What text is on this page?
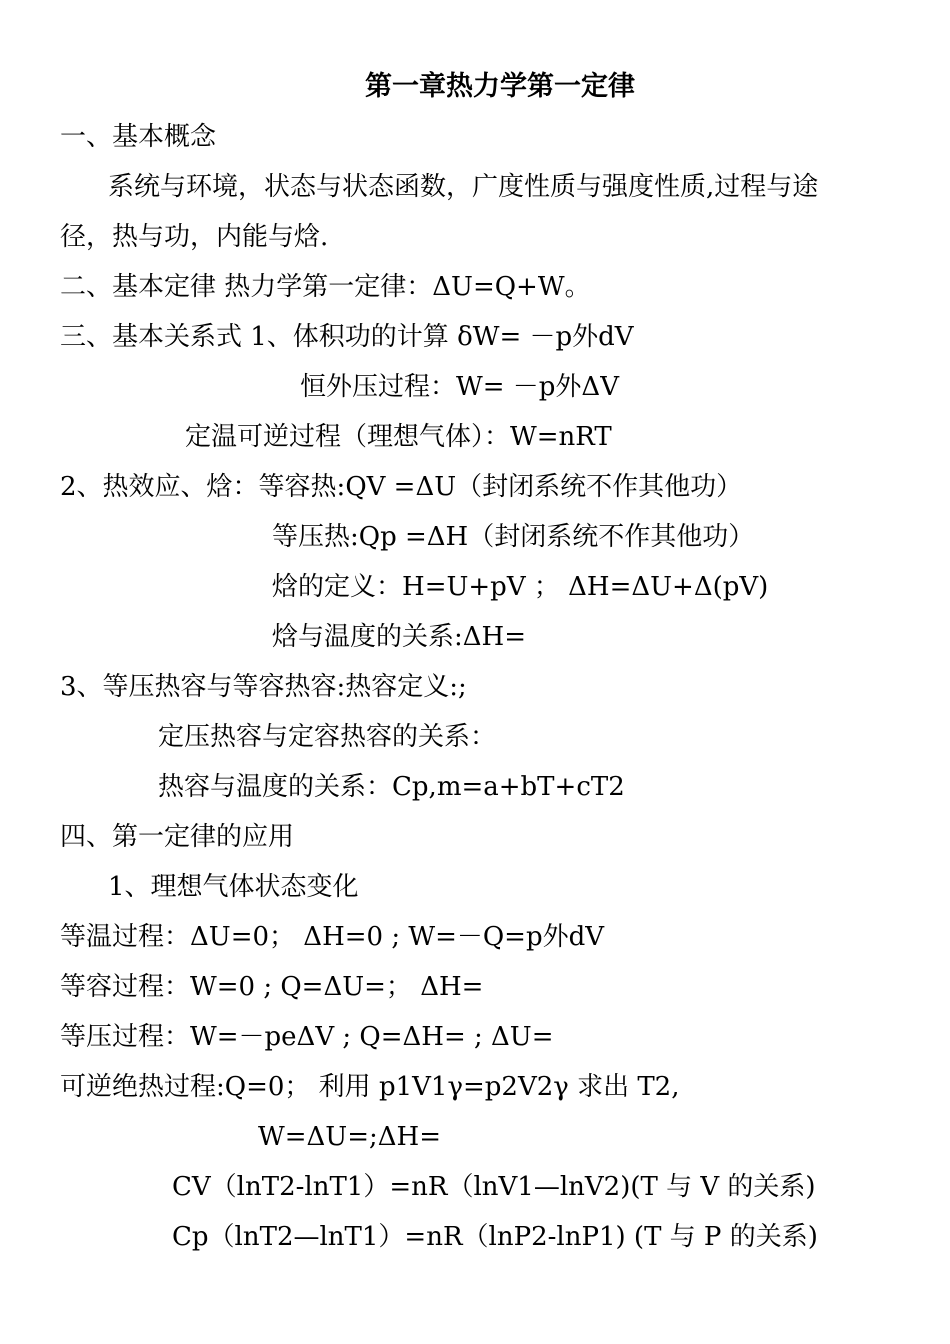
第一章热力学第一定律
一、基本概念
系统与环境，状态与状态函数，广度性质与强度性质,过程与途
径，热与功，内能与焓.
二、基本定律 热力学第一定律：ΔU=Q+W。
三、基本关系式 1、体积功的计算 δW= －p外dV
恒外压过程：W= －p外ΔV
定温可逆过程（理想气体）：W=nRT
2、热效应、焓：等容热:QV =ΔU（封闭系统不作其他功）
等压热:Qp =ΔH（封闭系统不作其他功）
焓的定义：H=U+pV ； ΔH=ΔU+Δ(pV)
焓与温度的关系:ΔH=
3、等压热容与等容热容:热容定义:;
定压热容与定容热容的关系：
热容与温度的关系：Cp,m=a+bT+cT2
四、第一定律的应用
1、理想气体状态变化
等温过程：ΔU=0； ΔH=0 ; W=－Q=p外dV
等容过程：W=0 ; Q=ΔU=； ΔH=
等压过程：W=－peΔV ; Q=ΔH= ; ΔU=
可逆绝热过程:Q=0； 利用 p1V1γ=p2V2γ 求出 T2,
W=ΔU=;ΔH=
CV（lnT2-lnT1）=nR（lnV1—lnV2)(T 与 V 的关系)
Cp（lnT2—lnT1）=nR（lnP2-lnP1) (T 与 P 的关系)
